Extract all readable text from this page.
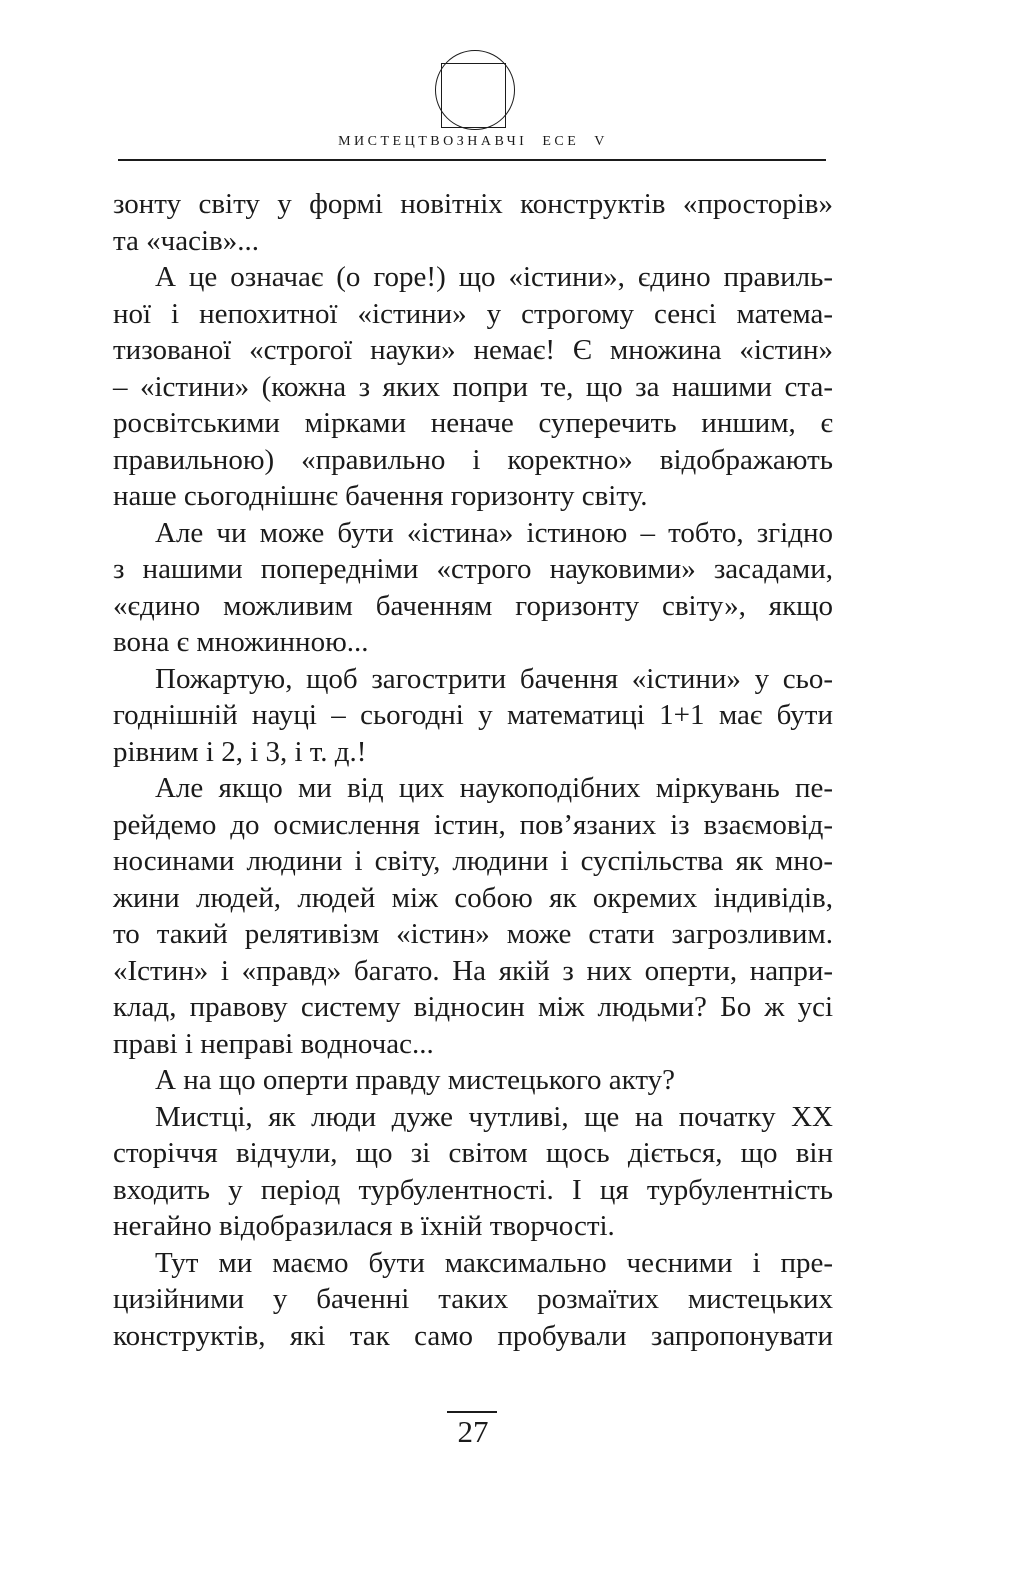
МИСТЕЦТВОЗНАВЧІ ЕСЕ V
зонту світу у формі новітніх конструктів «просторів»
та «часів»...
А це означає (о горе!) що «істини», єдино правиль-
ної і непохитної «істини» у строгому сенсі матема-
тизованої «строгої науки» немає! Є множина «істин»
– «істини» (кожна з яких попри те, що за нашими ста-
росвітськими мірками неначе суперечить иншим, є
правильною) «правильно і коректно» відображають
наше сьогоднішнє бачення горизонту світу.
Але чи може бути «істина» істиною – тобто, згідно
з нашими попередніми «строго науковими» засадами,
«єдино можливим баченням горизонту світу», якщо
вона є множинною...
Пожартую, щоб загострити бачення «істини» у сьо-
годнішній науці – сьогодні у математиці 1+1 має бути
рівним і 2, і 3, і т. д.!
Але якщо ми від цих наукоподібних міркувань пе-
рейдемо до осмислення істин, пов’язаних із взаємовід-
носинами людини і світу, людини і суспільства як мно-
жини людей, людей між собою як окремих індивідів,
то такий релятивізм «істин» може стати загрозливим.
«Істин» і «правд» багато. На якій з них оперти, напри-
клад, правову систему відносин між людьми? Бо ж усі
праві і неправі водночас...
А на що оперти правду мистецького акту?
Мистці, як люди дуже чутливі, ще на початку ХХ
сторіччя відчули, що зі світом щось діється, що він
входить у період турбулентності. І ця турбулентність
негайно відобразилася в їхній творчості.
Тут ми маємо бути максимально чесними і пре-
цизійними у баченні таких розмаїтих мистецьких
конструктів, які так само пробували запропонувати
27
